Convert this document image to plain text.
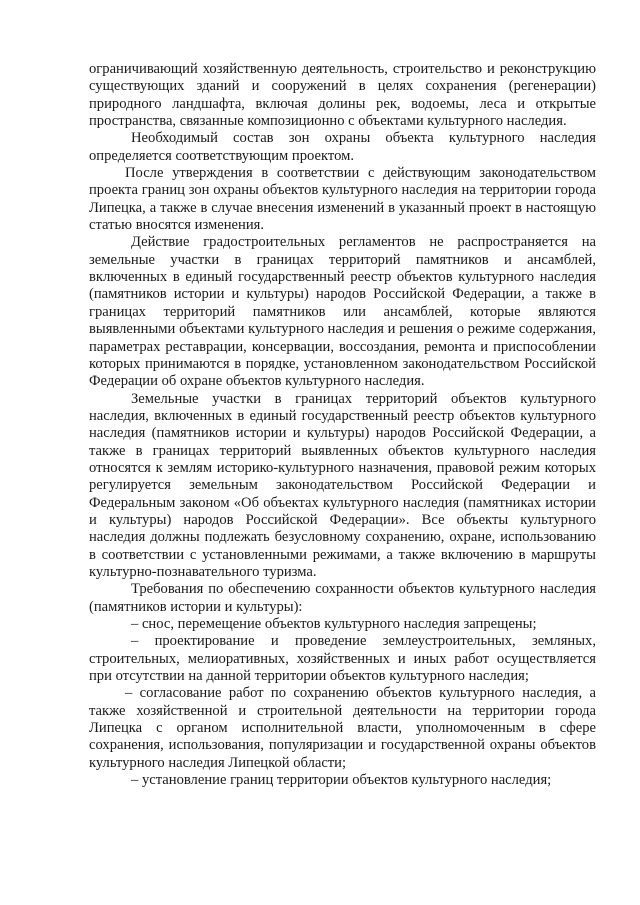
ограничивающий хозяйственную деятельность, строительство и реконструкцию существующих зданий и сооружений в целях сохранения (регенерации) природного ландшафта, включая долины рек, водоемы, леса и открытые пространства, связанные композиционно с объектами культурного наследия.

Необходимый состав зон охраны объекта культурного наследия определяется соответствующим проектом.

После утверждения в соответствии с действующим законодательством проекта границ зон охраны объектов культурного наследия на территории города Липецка, а также в случае внесения изменений в указанный проект в настоящую статью вносятся изменения.

Действие градостроительных регламентов не распространяется на земельные участки в границах территорий памятников и ансамблей, включенных в единый государственный реестр объектов культурного наследия (памятников истории и культуры) народов Российской Федерации, а также в границах территорий памятников или ансамблей, которые являются выявленными объектами культурного наследия и решения о режиме содержания, параметрах реставрации, консервации, воссоздания, ремонта и приспособлении которых принимаются в порядке, установленном законодательством Российской Федерации об охране объектов культурного наследия.

Земельные участки в границах территорий объектов культурного наследия, включенных в единый государственный реестр объектов культурного наследия (памятников истории и культуры) народов Российской Федерации, а также в границах территорий выявленных объектов культурного наследия относятся к землям историко-культурного назначения, правовой режим которых регулируется земельным законодательством Российской Федерации и Федеральным законом «Об объектах культурного наследия (памятниках истории и культуры) народов Российской Федерации». Все объекты культурного наследия должны подлежать безусловному сохранению, охране, использованию в соответствии с установленными режимами, а также включению в маршруты культурно-познавательного туризма.

Требования по обеспечению сохранности объектов культурного наследия (памятников истории и культуры):

– снос, перемещение объектов культурного наследия запрещены;

– проектирование и проведение землеустроительных, земляных, строительных, мелиоративных, хозяйственных и иных работ осуществляется при отсутствии на данной территории объектов культурного наследия;

– согласование работ по сохранению объектов культурного наследия, а также хозяйственной и строительной деятельности на территории города Липецка с органом исполнительной власти, уполномоченным в сфере сохранения, использования, популяризации и государственной охраны объектов культурного наследия Липецкой области;

– установление границ территории объектов культурного наследия;
